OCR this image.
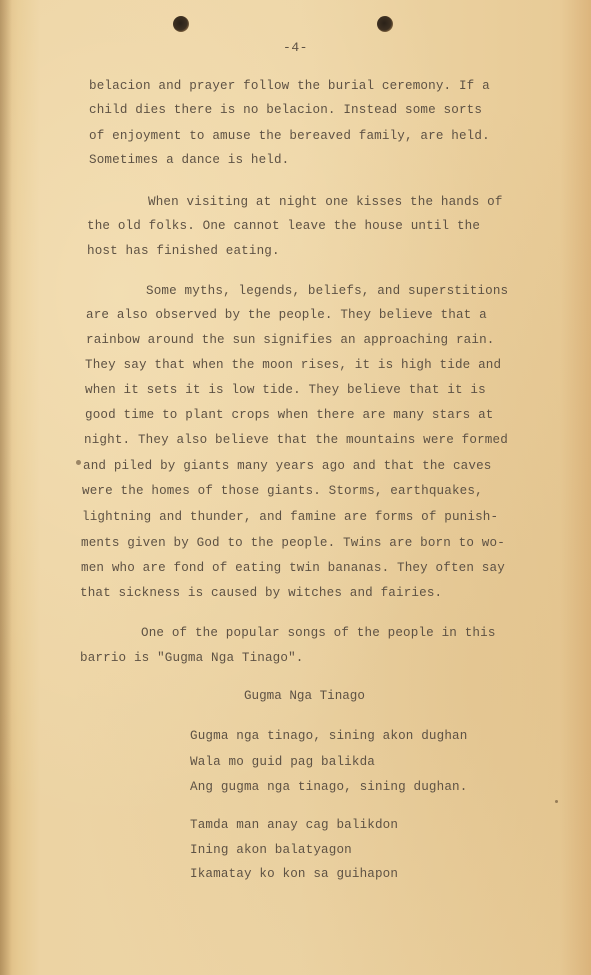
-4-
belacion and prayer follow the burial ceremony. If a
child dies there is no belacion. Instead some sorts
of enjoyment to amuse the bereaved family, are held.
Sometimes a dance is held.
When visiting at night one kisses the hands of
the old folks. One cannot leave the house until the
host has finished eating.
Some myths, legends, beliefs, and superstitions
are also observed by the people. They believe that a
rainbow around the sun signifies an approaching rain.
They say that when the moon rises, it is high tide and
when it sets it is low tide. They believe that it is
good time to plant crops when there are many stars at
night. They also believe that the mountains were formed
and piled by giants many years ago and that the caves
were the homes of those giants. Storms, earthquakes,
lightning and thunder, and famine are forms of punish-
ments given by God to the people. Twins are born to wo-
men who are fond of eating twin bananas. They often say
that sickness is caused by witches and fairies.
One of the popular songs of the people in this
barrio is "Gugma Nga Tinago".
Gugma Nga Tinago
Gugma nga tinago, sining akon dughan
Wala mo guid pag balikda
Ang gugma nga tinago, sining dughan.
Tamda man anay cag balikdon
Ining akon balatyagon
Ikamatay ko kon sa guihapon
